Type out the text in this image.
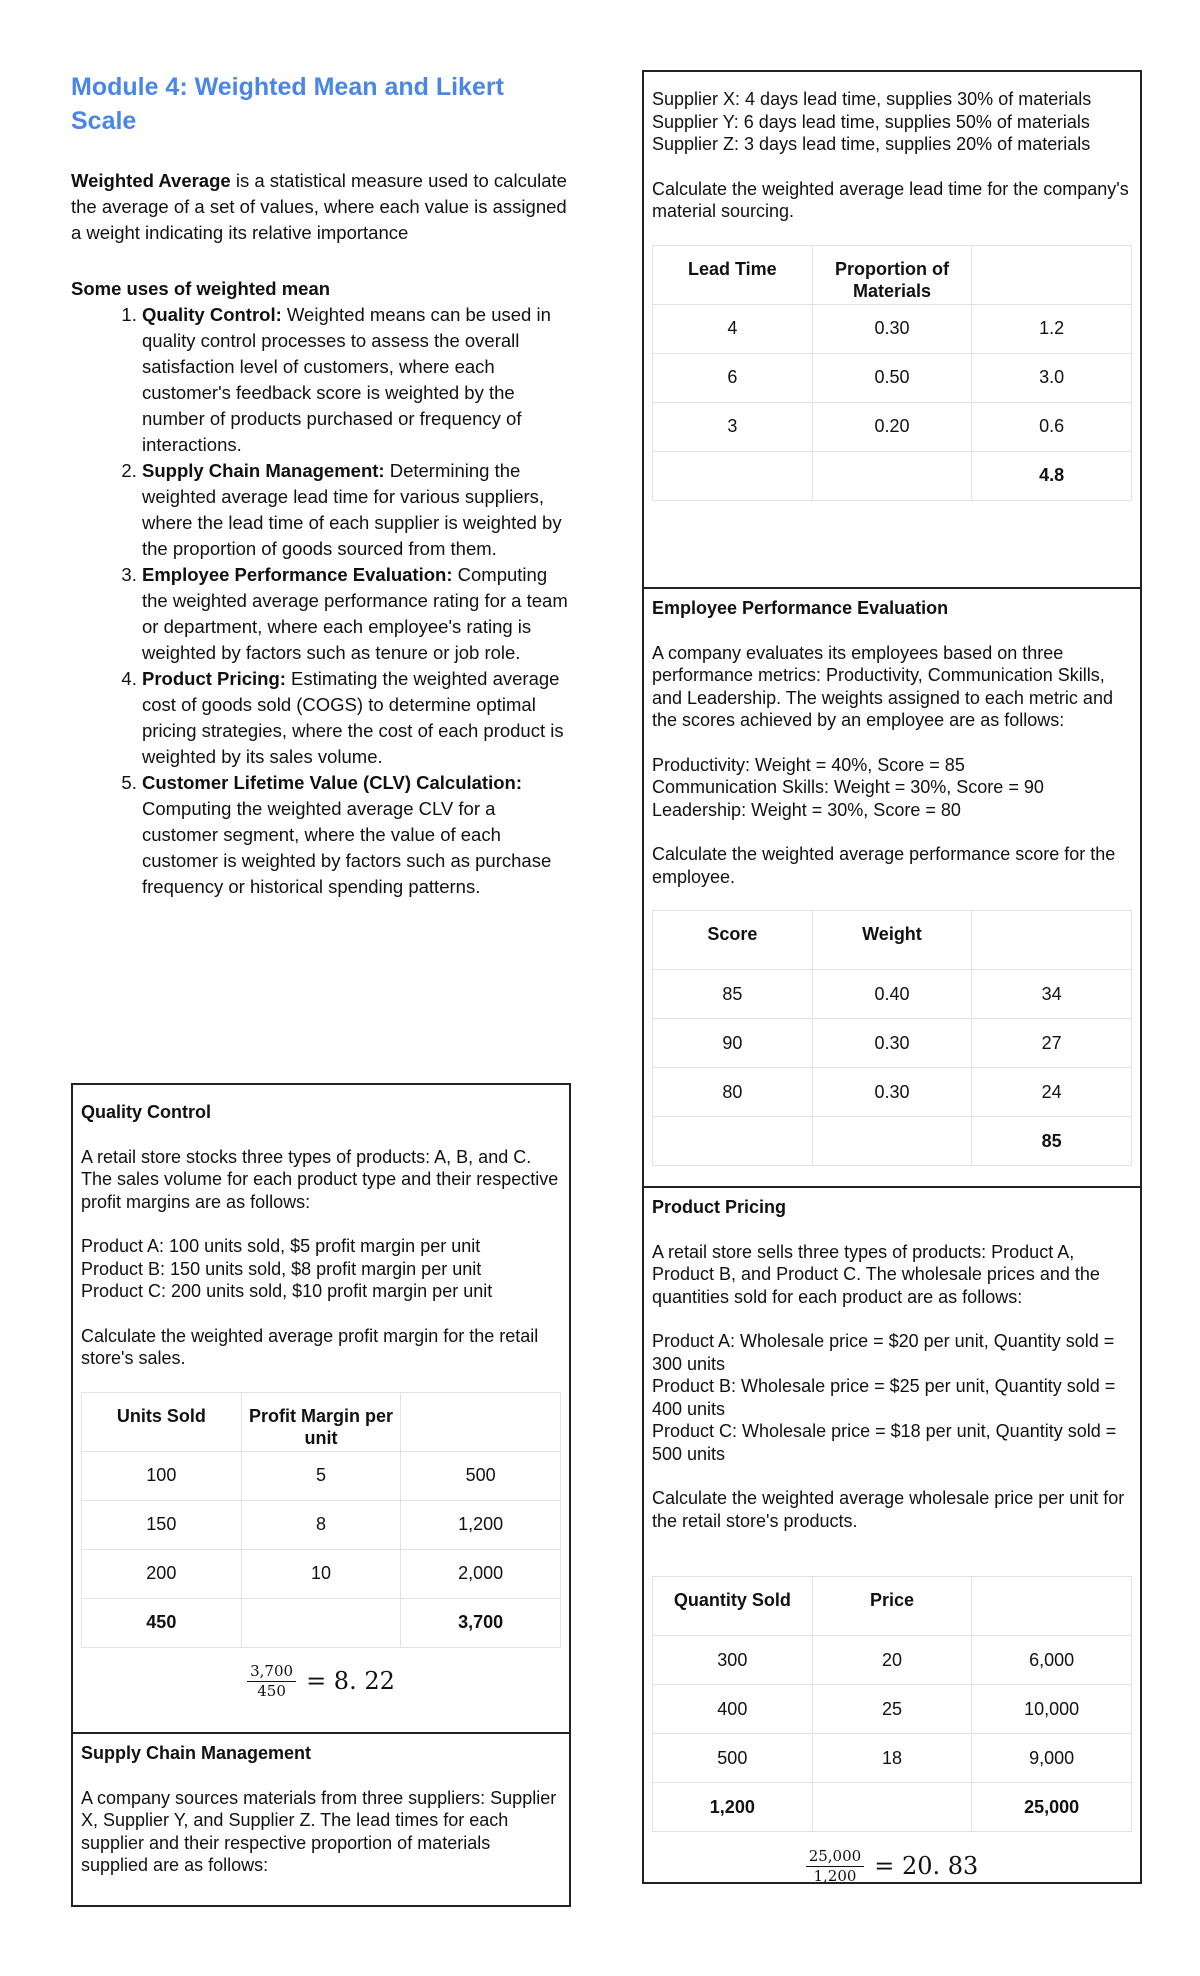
Module 4: Weighted Mean and Likert Scale

Weighted Average is a statistical measure used to calculate the average of a set of values, where each value is assigned a weight indicating its relative importance

Some uses of weighted mean
1. Quality Control: Weighted means can be used in quality control processes to assess the overall satisfaction level of customers, where each customer's feedback score is weighted by the number of products purchased or frequency of interactions.
2. Supply Chain Management: Determining the weighted average lead time for various suppliers, where the lead time of each supplier is weighted by the proportion of goods sourced from them.
3. Employee Performance Evaluation: Computing the weighted average performance rating for a team or department, where each employee's rating is weighted by factors such as tenure or job role.
4. Product Pricing: Estimating the weighted average cost of goods sold (COGS) to determine optimal pricing strategies, where the cost of each product is weighted by its sales volume.
5. Customer Lifetime Value (CLV) Calculation: Computing the weighted average CLV for a customer segment, where the value of each customer is weighted by factors such as purchase frequency or historical spending patterns.

Quality Control

A retail store stocks three types of products: A, B, and C. The sales volume for each product type and their respective profit margins are as follows:

Product A: 100 units sold, $5 profit margin per unit

Product B: 150 units sold, $8 profit margin per unit

Product C: 200 units sold, $10 profit margin per unit

Calculate the weighted average profit margin for the retail store's sales.

Units Sold	Profit Margin per unit	
100	5	500
150	8	1,200
200	10	2,000
450		3,700
$\frac{3,700}{450} = 8$. 22

Supply Chain Management

A company sources materials from three suppliers: Supplier X, Supplier Y, and Supplier Z. The lead times for each supplier and their respective proportion of materials supplied are as follows:

Supplier X: 4 days lead time, supplies 30% of materials

Supplier Y: 6 days lead time, supplies 50% of materials

Supplier Z: 3 days lead time, supplies 20% of materials

Calculate the weighted average lead time for the company's material sourcing.

Lead Time	Proportion of Materials	
4	0.30	1.2
6	0.50	3.0
3	0.20	0.6
		4.8

Employee Performance Evaluation

A company evaluates its employees based on three performance metrics: Productivity, Communication Skills, and Leadership. The weights assigned to each metric and the scores achieved by an employee are as follows:

Productivity: Weight = 40%, Score = 85

Communication Skills: Weight = 30%, Score = 90

Leadership: Weight = 30%, Score = 80

Calculate the weighted average performance score for the employee.

Score	Weight	
85	0.40	34
90	0.30	27
80	0.30	24
		85

Product Pricing

A retail store sells three types of products: Product A, Product B, and Product C. The wholesale prices and the quantities sold for each product are as follows:

Product A: Wholesale price = $20 per unit, Quantity sold = 300 units

Product B: Wholesale price = $25 per unit, Quantity sold = 400 units

Product C: Wholesale price = $18 per unit, Quantity sold = 500 units

Calculate the weighted average wholesale price per unit for the retail store's products.

Quantity Sold	Price	
300	20	6,000
400	25	10,000
500	18	9,000
1,200		25,000
$\frac{25,000}{1,200} = 20$. 83
